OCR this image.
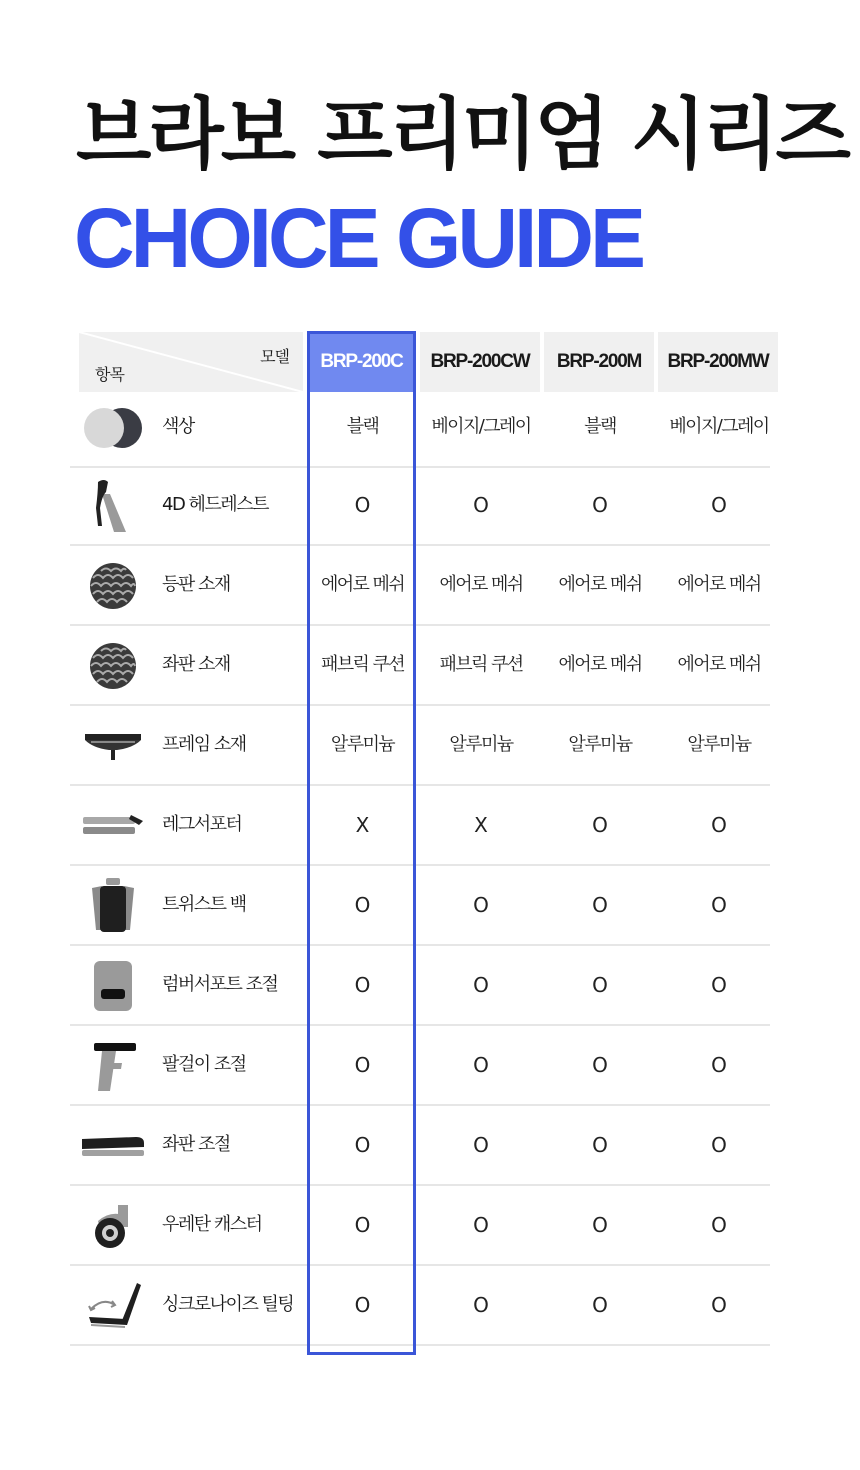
브라보 프리미엄 시리즈
CHOICE GUIDE
모델
항목
BRP-200C	BRP-200CW	BRP-200M	BRP-200MW
색상	블랙	베이지/그레이	블랙	베이지/그레이
4D 헤드레스트	O	O	O	O
등판 소재	에어로 메쉬	에어로 메쉬	에어로 메쉬	에어로 메쉬
좌판 소재	패브릭 쿠션	패브릭 쿠션	에어로 메쉬	에어로 메쉬
프레임 소재	알루미늄	알루미늄	알루미늄	알루미늄
레그서포터	X	X	O	O
트위스트 백	O	O	O	O
럼버서포트 조절	O	O	O	O
팔걸이 조절	O	O	O	O
좌판 조절	O	O	O	O
우레탄 캐스터	O	O	O	O
싱크로나이즈 틸팅	O	O	O	O
